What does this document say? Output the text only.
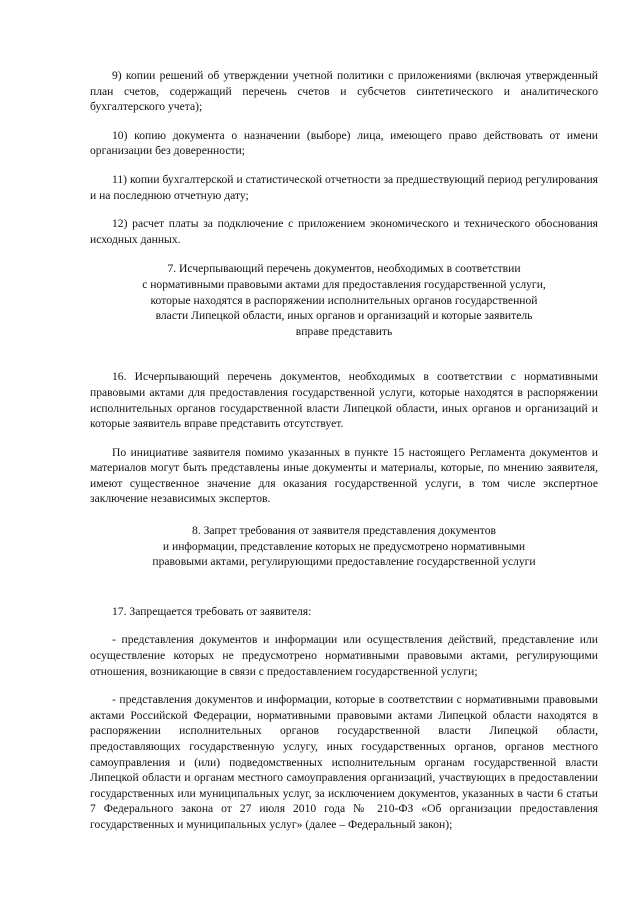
9) копии решений об утверждении учетной политики с приложениями (включая утвержденный план счетов, содержащий перечень счетов и субсчетов синтетического и аналитического бухгалтерского учета);

10) копию документа о назначении (выборе) лица, имеющего право действовать от имени организации без доверенности;

11) копии бухгалтерской и статистической отчетности за предшествующий период регулирования и на последнюю отчетную дату;

12) расчет платы за подключение с приложением экономического и технического обоснования исходных данных.

7. Исчерпывающий перечень документов, необходимых в соответствии

с нормативными правовыми актами для предоставления государственной услуги,

которые находятся в распоряжении исполнительных органов государственной

власти Липецкой области, иных органов и организаций и которые заявитель

вправе представить

16. Исчерпывающий перечень документов, необходимых в соответствии с нормативными правовыми актами для предоставления государственной услуги, которые находятся в распоряжении исполнительных органов государственной власти Липецкой области, иных органов и организаций и которые заявитель вправе представить отсутствует.

По инициативе заявителя помимо указанных в пункте 15 настоящего Регламента документов и материалов могут быть представлены иные документы и материалы, которые, по мнению заявителя, имеют существенное значение для оказания государственной услуги, в том числе экспертное заключение независимых экспертов.

8. Запрет требования от заявителя представления документов

и информации, представление которых не предусмотрено нормативными

правовыми актами, регулирующими предоставление государственной услуги

17. Запрещается требовать от заявителя:

- представления документов и информации или осуществления действий, представление или осуществление которых не предусмотрено нормативными правовыми актами, регулирующими отношения, возникающие в связи с предоставлением государственной услуги;

- представления документов и информации, которые в соответствии с нормативными правовыми актами Российской Федерации, нормативными правовыми актами Липецкой области находятся в распоряжении исполнительных органов государственной власти Липецкой области, предоставляющих государственную услугу, иных государственных органов, органов местного самоуправления и (или) подведомственных исполнительным органам государственной власти Липецкой области и органам местного самоуправления организаций, участвующих в предоставлении государственных или муниципальных услуг, за исключением документов, указанных в части 6 статьи 7 Федерального закона от 27 июля 2010 года № 210-ФЗ «Об организации предоставления государственных и муниципальных услуг» (далее – Федеральный закон);
